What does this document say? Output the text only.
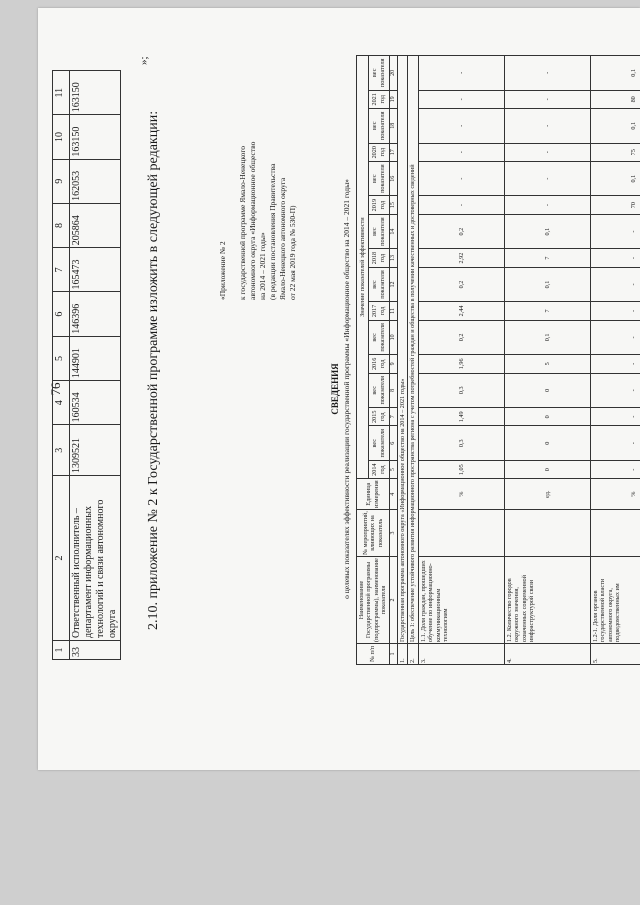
76
1	2	3	4	5	6	7	8	9	10	11
33	Ответственный исполнитель – департамент информационных технологий и связи автономного округа	1309521	160534	144901	146396	165473	205864	162053	163150	163150
»;
2.10. приложение № 2 к Государственной программе изложить в следующей редакции:	«Приложение № 2 к государственной программе Ямало-Ненецкого автономного округа «Информационное общество на 2014 – 2021 годы» (в редакции постановления Правительства Ямало-Ненецкого автономного округа от 22 мая 2019 года № 530-П)
СВЕДЕНИЯ о целевых показателях эффективности реализации государственной программы «Информационное общество на 2014 – 2021 годы»
№ п/п	Наименование Государственной программы (подпрограммы), наименование показателя	№ мероприятий, влияющих на показатель	Единица измерения	Значение показателей эффективности															
				2014 год	вес показателя	2015 год	вес показателя	2016 год	вес показателя	2017 год	вес показателя	2018 год	вес показателя	2019 год	вес показателя	2020 год	вес показателя	2021 год	вес показателя
1	2	3	4	5	6	7	8	9	10	11	12	13	14	15	16	17	18	19	20
1.	Государственная программа автономного округа «Информационное общество на 2014 – 2021 годы»																		
2.	Цель 1: обеспечение устойчивого развития информационного пространства региона с учетом потребностей граждан и общества в получении качественных и достоверных сведений																		
3.	1.1. Доля граждан, прошедших обучение по информационно-коммуникационным технологиям		%	1,05	0,3	1,49	0,3	1,96	0,2	2,44	0,2	2,92	0,2	-	-	-	-	-	-
4.	1.2. Количество городов окружного значения, охваченных современной инфраструктурой связи		ед.	0	0	0	0	5	0,1	7	0,1	7	0,1	-	-	-	-	-	-
5.	1.2-1. Доля органов государственной власти автономного округа, подведомственных им		%	-	-	-	-	-	-	-	-	-	-	70	0,1	75	0,1	80	0,1
